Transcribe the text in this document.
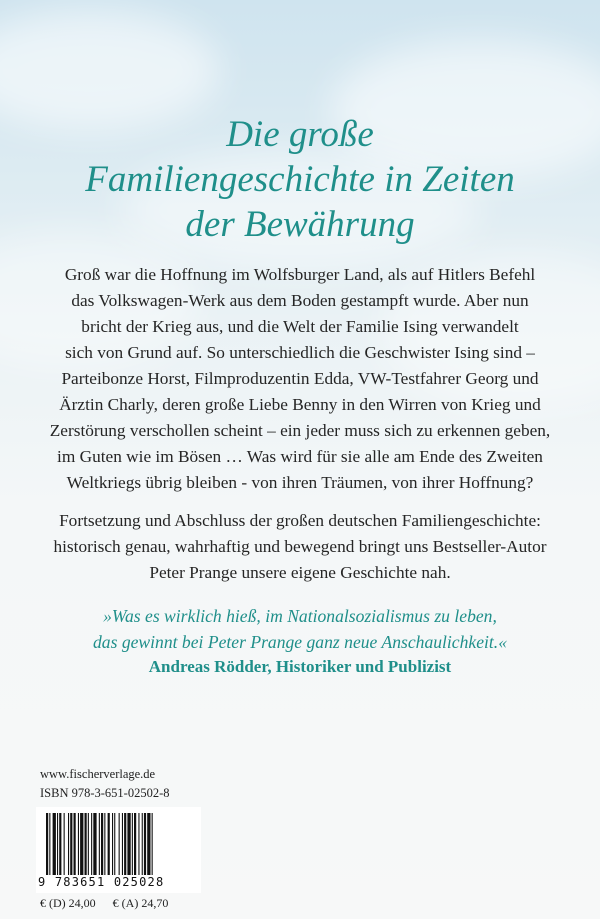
Die große
Familiengeschichte in Zeiten
der Bewährung
Groß war die Hoffnung im Wolfsburger Land, als auf Hitlers Befehl
das Volkswagen-Werk aus dem Boden gestampft wurde. Aber nun
bricht der Krieg aus, und die Welt der Familie Ising verwandelt
sich von Grund auf. So unterschiedlich die Geschwister Ising sind –
Parteibonze Horst, Filmproduzentin Edda, VW-Testfahrer Georg und
Ärztin Charly, deren große Liebe Benny in den Wirren von Krieg und
Zerstörung verschollen scheint – ein jeder muss sich zu erkennen geben,
im Guten wie im Bösen … Was wird für sie alle am Ende des Zweiten
Weltkriegs übrig bleiben - von ihren Träumen, von ihrer Hoffnung?
Fortsetzung und Abschluss der großen deutschen Familiengeschichte:
historisch genau, wahrhaftig und bewegend bringt uns Bestseller-Autor
Peter Prange unsere eigene Geschichte nah.
»Was es wirklich hieß, im Nationalsozialismus zu leben,
das gewinnt bei Peter Prange ganz neue Anschaulichkeit.«
Andreas Rödder, Historiker und Publizist
www.fischerverlage.de
ISBN 978-3-651-02502-8
9 783651 025028
€ (D) 24,00 € (A) 24,70
